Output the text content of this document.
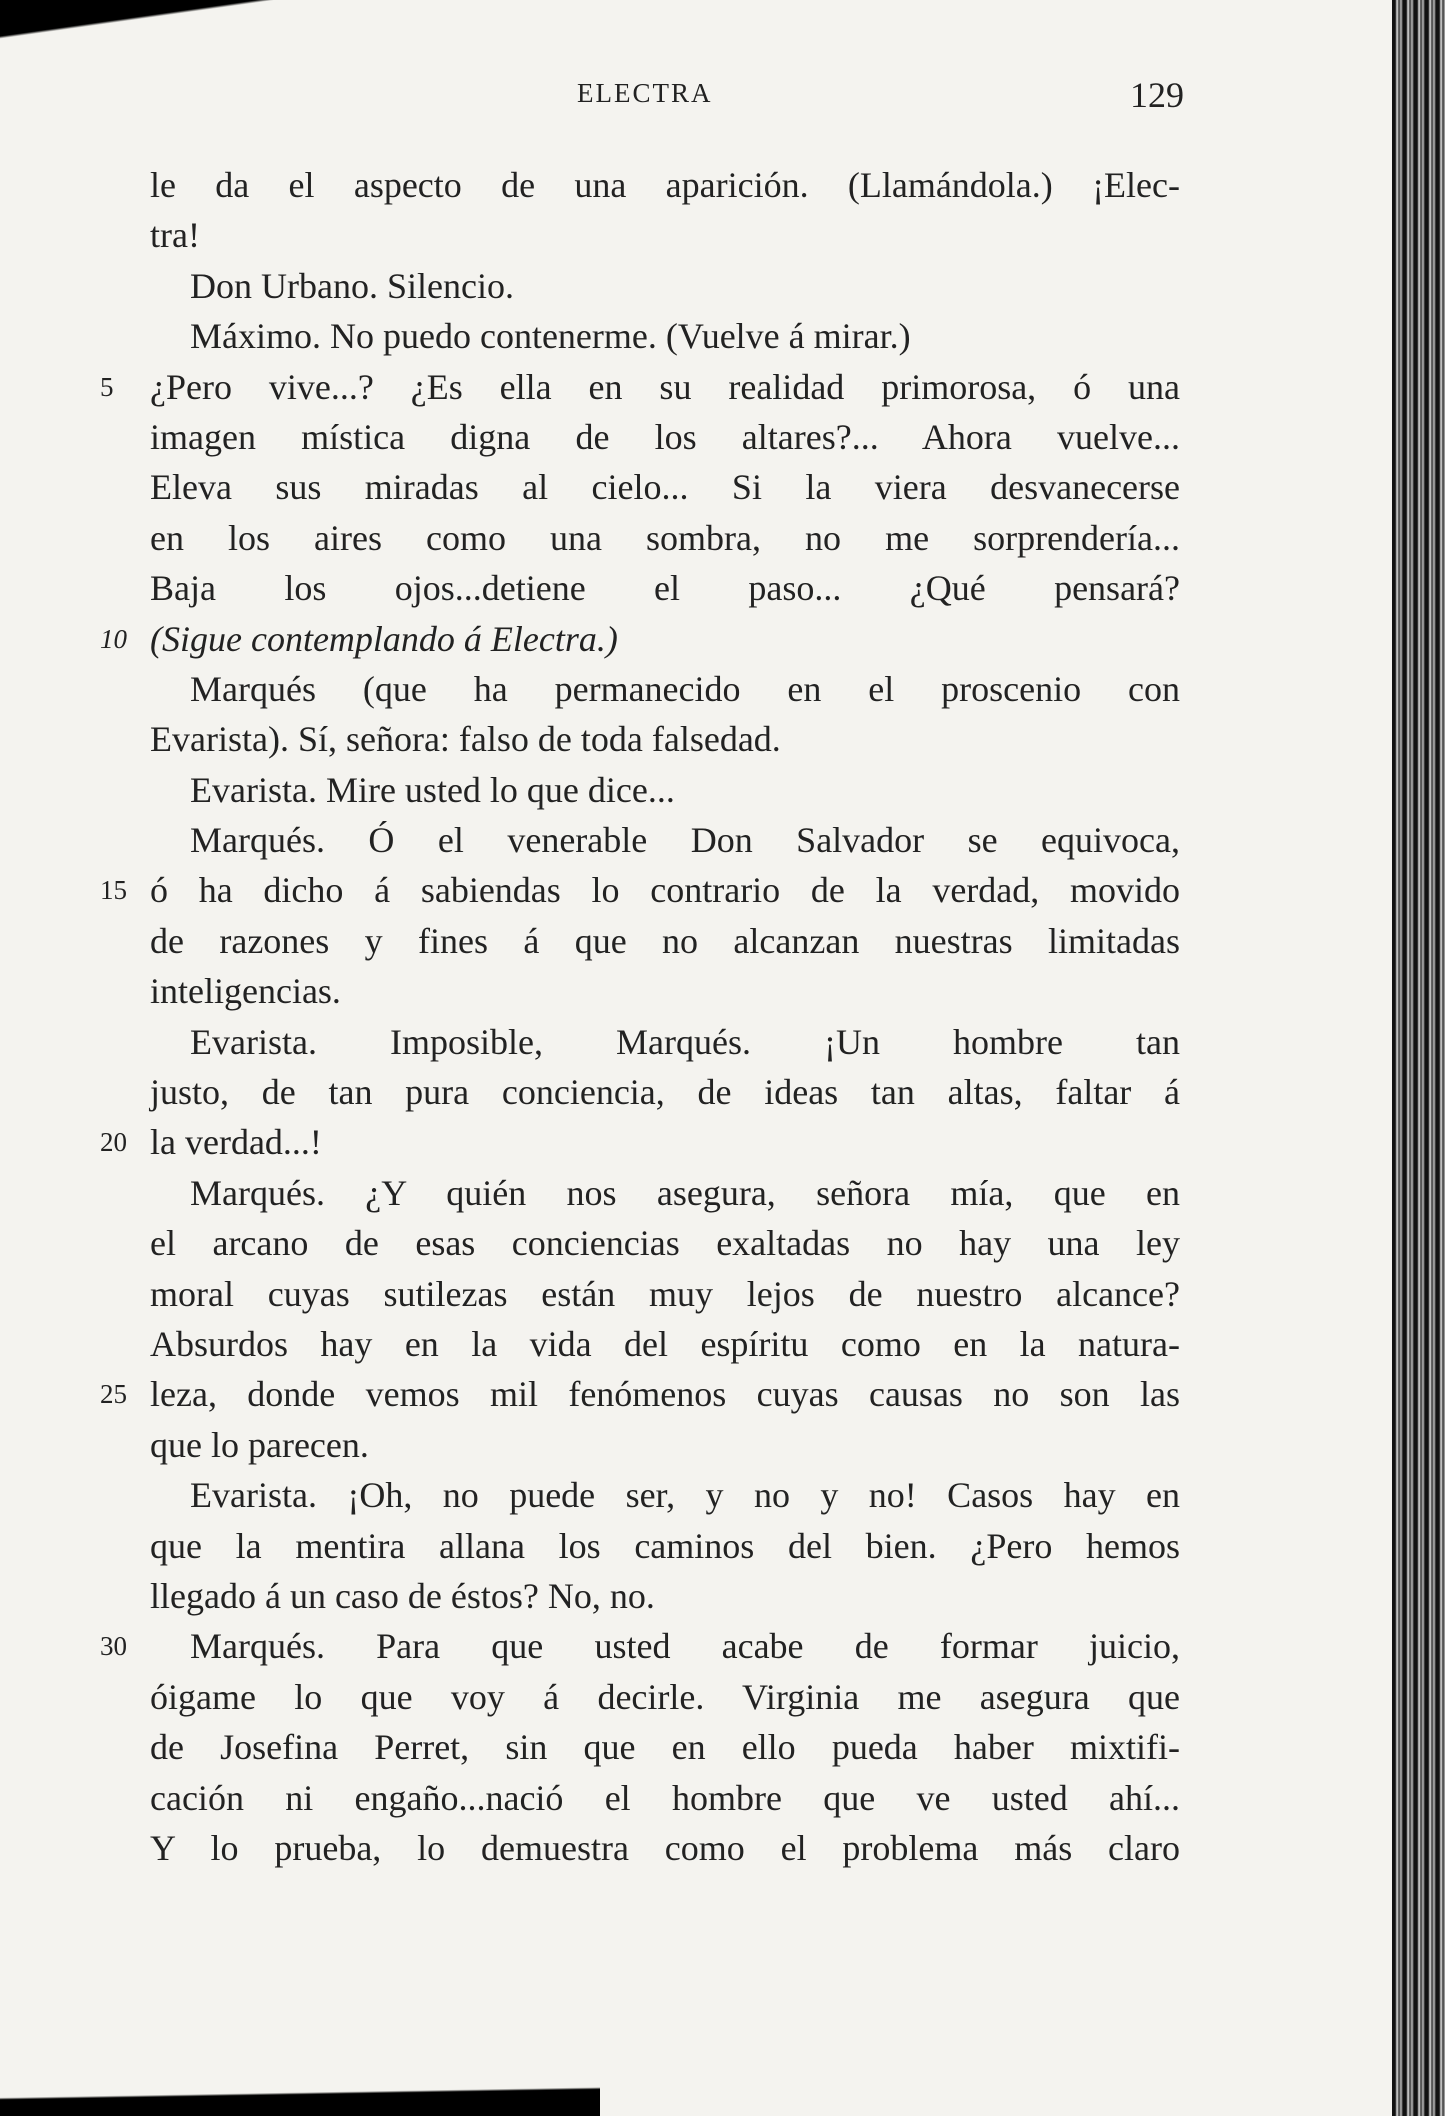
ELECTRA	129
le da el aspecto de una aparición. (Llamándola.) ¡Elec-
tra!
Don Urbano. Silencio.
Máximo. No puedo contenerme. (Vuelve á mirar.)
5	¿Pero vive...? ¿Es ella en su realidad primorosa, ó una
imagen mística digna de los altares?... Ahora vuelve...
Eleva sus miradas al cielo... Si la viera desvanecerse
en los aires como una sombra, no me sorprendería...
Baja los ojos...detiene el paso... ¿Qué pensará?
10 (Sigue contemplando á Electra.)
Marqués (que ha permanecido en el proscenio con
Evarista). Sí, señora: falso de toda falsedad.
Evarista. Mire usted lo que dice...
Marqués. Ó el venerable Don Salvador se equivoca,
15 ó ha dicho á sabiendas lo contrario de la verdad, movido
de razones y fines á que no alcanzan nuestras limitadas
inteligencias.
Evarista. Imposible, Marqués. ¡Un hombre tan
justo, de tan pura conciencia, de ideas tan altas, faltar á
20 la verdad...!
Marqués. ¿Y quién nos asegura, señora mía, que en
el arcano de esas conciencias exaltadas no hay una ley
moral cuyas sutilezas están muy lejos de nuestro alcance?
Absurdos hay en la vida del espíritu como en la natura-
25 leza, donde vemos mil fenómenos cuyas causas no son las
que lo parecen.
Evarista. ¡Oh, no puede ser, y no y no! Casos hay en
que la mentira allana los caminos del bien. ¿Pero hemos
llegado á un caso de éstos? No, no.
30	Marqués. Para que usted acabe de formar juicio,
óigame lo que voy á decirle. Virginia me asegura que
de Josefina Perret, sin que en ello pueda haber mixtifi-
cación ni engaño...nació el hombre que ve usted ahí...
Y lo prueba, lo demuestra como el problema más claro
